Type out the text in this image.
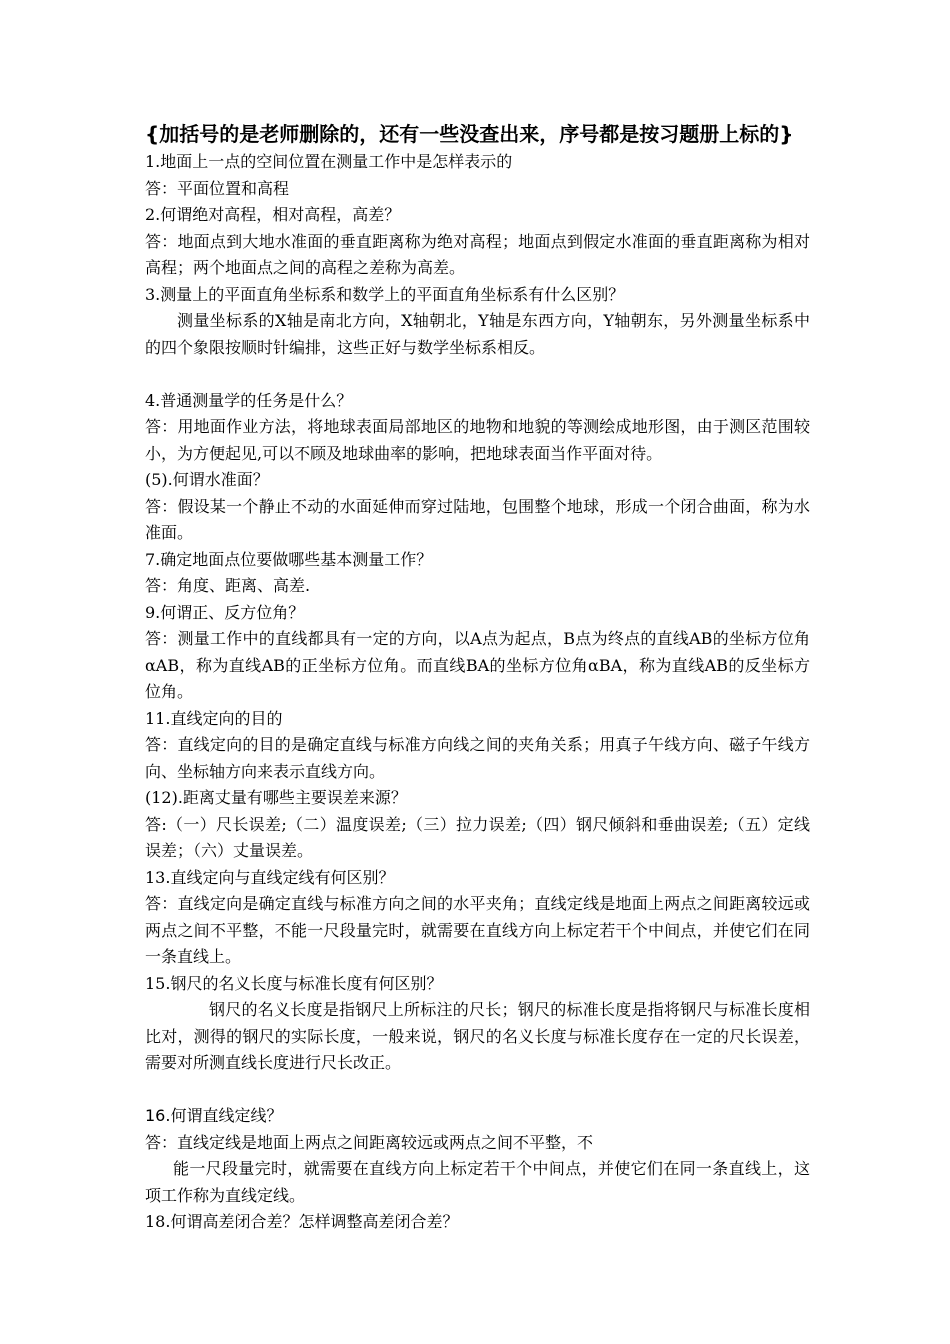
{加括号的是老师删除的，还有一些没查出来，序号都是按习题册上标的}

1.地面上一点的空间位置在测量工作中是怎样表示的

答：平面位置和高程

2.何谓绝对高程，相对高程，高差？

答：地面点到大地水准面的垂直距离称为绝对高程；地面点到假定水准面的垂直距离称为相对高程；两个地面点之间的高程之差称为高差。

3.测量上的平面直角坐标系和数学上的平面直角坐标系有什么区别？

测量坐标系的X轴是南北方向，X轴朝北，Y轴是东西方向，Y轴朝东，另外测量坐标系中的四个象限按顺时针编排，这些正好与数学坐标系相反。

4.普通测量学的任务是什么？

答：用地面作业方法，将地球表面局部地区的地物和地貌的等测绘成地形图，由于测区范围较小，为方便起见,可以不顾及地球曲率的影响，把地球表面当作平面对待。

(5).何谓水准面？

答：假设某一个静止不动的水面延伸而穿过陆地，包围整个地球，形成一个闭合曲面，称为水准面。

7.确定地面点位要做哪些基本测量工作？

答：角度、距离、高差.

9.何谓正、反方位角？

答：测量工作中的直线都具有一定的方向，以A点为起点，B点为终点的直线AB的坐标方位角 αAB，称为直线AB的正坐标方位角。而直线BA的坐标方位角αBA，称为直线AB的反坐标方位角。

11.直线定向的目的

答：直线定向的目的是确定直线与标准方向线之间的夹角关系；用真子午线方向、磁子午线方向、坐标轴方向来表示直线方向。

(12).距离丈量有哪些主要误差来源？

答:（一）尺长误差;（二）温度误差;（三）拉力误差;（四）钢尺倾斜和垂曲误差;（五）定线误差；（六）丈量误差。

13.直线定向与直线定线有何区别？

答：直线定向是确定直线与标准方向之间的水平夹角；直线定线是地面上两点之间距离较远或两点之间不平整，不能一尺段量完时，就需要在直线方向上标定若干个中间点，并使它们在同一条直线上。

15.钢尺的名义长度与标准长度有何区别？

钢尺的名义长度是指钢尺上所标注的尺长；钢尺的标准长度是指将钢尺与标准长度相比对，测得的钢尺的实际长度，一般来说，钢尺的名义长度与标准长度存在一定的尺长误差，需要对所测直线长度进行尺长改正。

16.何谓直线定线？

答：直线定线是地面上两点之间距离较远或两点之间不平整，不

能一尺段量完时，就需要在直线方向上标定若干个中间点，并使它们在同一条直线上，这项工作称为直线定线。

18.何谓高差闭合差？怎样调整高差闭合差？
